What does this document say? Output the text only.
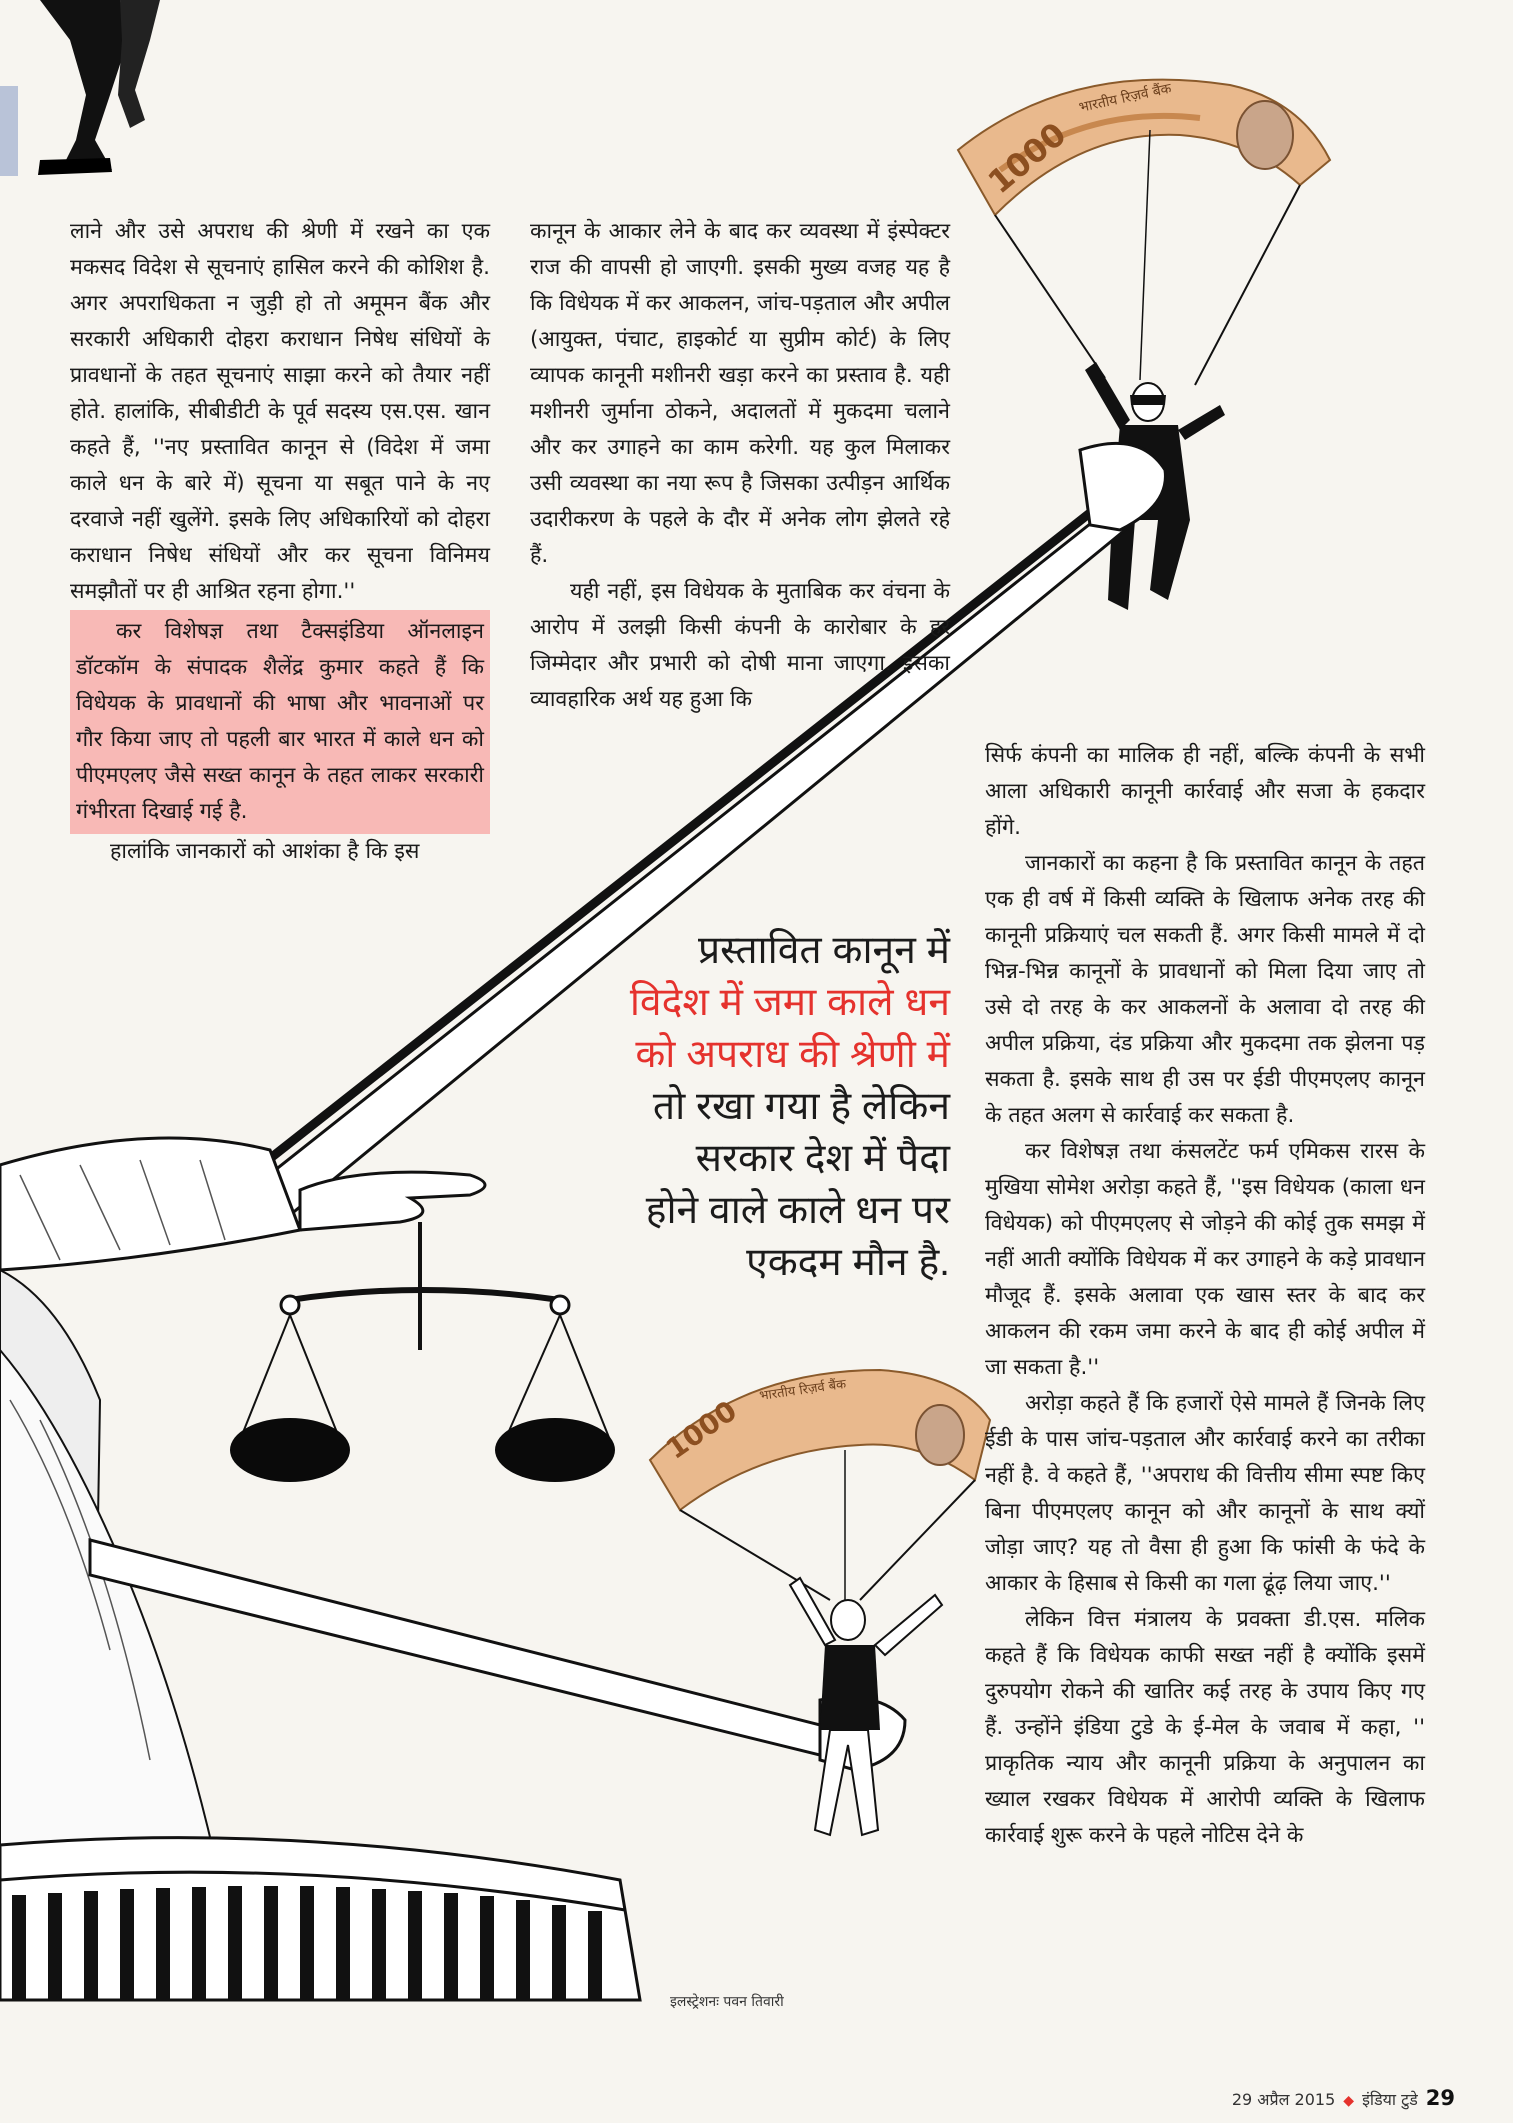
भारतीय रिज़र्व बैंक
1000
भारतीय रिज़र्व बैंक
1000

लाने और उसे अपराध की श्रेणी में रखने का एक मकसद विदेश से सूचनाएं हासिल करने की कोशिश है. अगर अपराधिकता न जुड़ी हो तो अमूमन बैंक और सरकारी अधिकारी दोहरा कराधान निषेध संधियों के प्रावधानों के तहत सूचनाएं साझा करने को तैयार नहीं होते. हालांकि, सीबीडीटी के पूर्व सदस्य एस.एस. खान कहते हैं, ''नए प्रस्तावित कानून से (विदेश में जमा काले धन के बारे में) सूचना या सबूत पाने के नए दरवाजे नहीं खुलेंगे. इसके लिए अधिकारियों को दोहरा कराधान निषेध संधियों और कर सूचना विनिमय समझौतों पर ही आश्रित रहना होगा.''

कर विशेषज्ञ तथा टैक्सइंडिया ऑनलाइन डॉटकॉम के संपादक शैलेंद्र कुमार कहते हैं कि विधेयक के प्रावधानों की भाषा और भावनाओं पर गौर किया जाए तो पहली बार भारत में काले धन को पीएमएलए जैसे सख्त कानून के तहत लाकर सरकारी गंभीरता दिखाई गई है.

हालांकि जानकारों को आशंका है कि इस

कानून के आकार लेने के बाद कर व्यवस्था में इंस्पेक्टर राज की वापसी हो जाएगी. इसकी मुख्य वजह यह है कि विधेयक में कर आकलन, जांच-पड़ताल और अपील (आयुक्त, पंचाट, हाइकोर्ट या सुप्रीम कोर्ट) के लिए व्यापक कानूनी मशीनरी खड़ा करने का प्रस्ताव है. यही मशीनरी जुर्माना ठोकने, अदालतों में मुकदमा चलाने और कर उगाहने का काम करेगी. यह कुल मिलाकर उसी व्यवस्था का नया रूप है जिसका उत्पीड़न आर्थिक उदारीकरण के पहले के दौर में अनेक लोग झेलते रहे हैं.

यही नहीं, इस विधेयक के मुताबिक कर वंचना के आरोप में उलझी किसी कंपनी के कारोबार के हर जिम्मेदार और प्रभारी को दोषी माना जाएगा. इसका व्यावहारिक अर्थ यह हुआ कि

प्रस्तावित कानून में
विदेश में जमा काले धन
को अपराध की श्रेणी में
तो रखा गया है लेकिन
सरकार देश में पैदा
होने वाले काले धन पर
एकदम मौन है.

सिर्फ कंपनी का मालिक ही नहीं, बल्कि कंपनी के सभी आला अधिकारी कानूनी कार्रवाई और सजा के हकदार होंगे.

जानकारों का कहना है कि प्रस्तावित कानून के तहत एक ही वर्ष में किसी व्यक्ति के खिलाफ अनेक तरह की कानूनी प्रक्रियाएं चल सकती हैं. अगर किसी मामले में दो भिन्न-भिन्न कानूनों के प्रावधानों को मिला दिया जाए तो उसे दो तरह के कर आकलनों के अलावा दो तरह की अपील प्रक्रिया, दंड प्रक्रिया और मुकदमा तक झेलना पड़ सकता है. इसके साथ ही उस पर ईडी पीएमएलए कानून के तहत अलग से कार्रवाई कर सकता है.

कर विशेषज्ञ तथा कंसलटेंट फर्म एमिकस रारस के मुखिया सोमेश अरोड़ा कहते हैं, ''इस विधेयक (काला धन विधेयक) को पीएमएलए से जोड़ने की कोई तुक समझ में नहीं आती क्योंकि विधेयक में कर उगाहने के कड़े प्रावधान मौजूद हैं. इसके अलावा एक खास स्तर के बाद कर आकलन की रकम जमा करने के बाद ही कोई अपील में जा सकता है.''

अरोड़ा कहते हैं कि हजारों ऐसे मामले हैं जिनके लिए ईडी के पास जांच-पड़ताल और कार्रवाई करने का तरीका नहीं है. वे कहते हैं, ''अपराध की वित्तीय सीमा स्पष्ट किए बिना पीएमएलए कानून को और कानूनों के साथ क्यों जोड़ा जाए? यह तो वैसा ही हुआ कि फांसी के फंदे के आकार के हिसाब से किसी का गला ढूंढ़ लिया जाए.''

लेकिन वित्त मंत्रालय के प्रवक्ता डी.एस. मलिक कहते हैं कि विधेयक काफी सख्त नहीं है क्योंकि इसमें दुरुपयोग रोकने की खातिर कई तरह के उपाय किए गए हैं. उन्होंने इंडिया टुडे के ई-मेल के जवाब में कहा, '' प्राकृतिक न्याय और कानूनी प्रक्रिया के अनुपालन का ख्याल रखकर विधेयक में आरोपी व्यक्ति के खिलाफ कार्रवाई शुरू करने के पहले नोटिस देने के

इलस्ट्रेशनः पवन तिवारी
29 अप्रैल 2015 ◆ इंडिया टुडे 29
